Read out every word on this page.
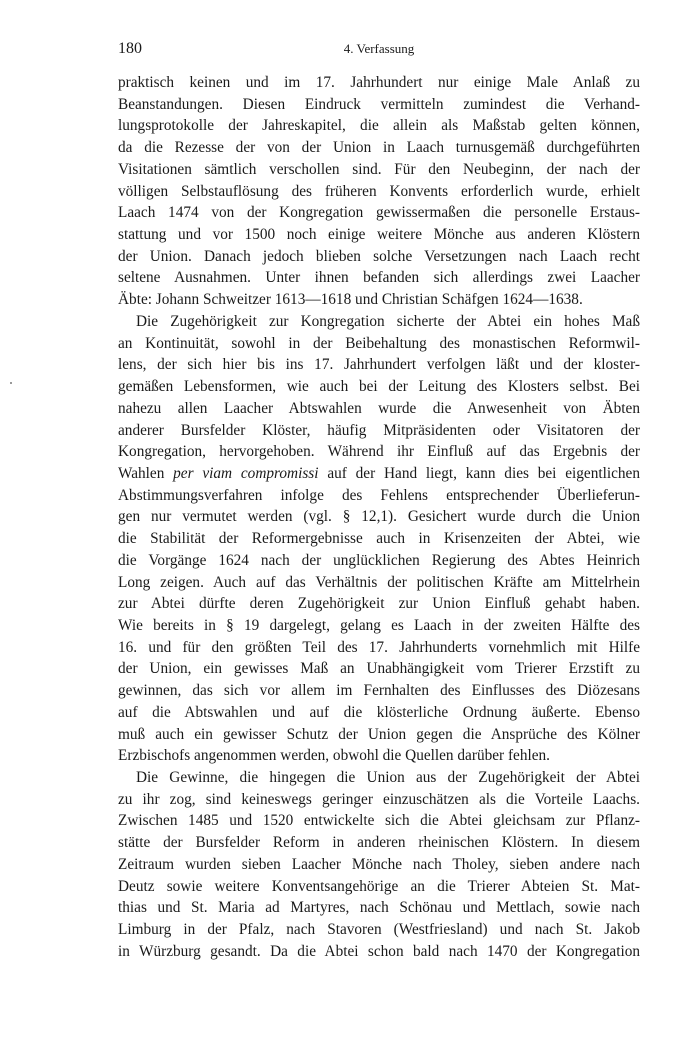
180	4. Verfassung
praktisch keinen und im 17. Jahrhundert nur einige Male Anlaß zu
Beanstandungen. Diesen Eindruck vermitteln zumindest die Verhand-
lungsprotokolle der Jahreskapitel, die allein als Maßstab gelten können,
da die Rezesse der von der Union in Laach turnusgemäß durchgeführten
Visitationen sämtlich verschollen sind. Für den Neubeginn, der nach der
völligen Selbstauflösung des früheren Konvents erforderlich wurde, erhielt
Laach 1474 von der Kongregation gewissermaßen die personelle Erstaus-
stattung und vor 1500 noch einige weitere Mönche aus anderen Klöstern
der Union. Danach jedoch blieben solche Versetzungen nach Laach recht
seltene Ausnahmen. Unter ihnen befanden sich allerdings zwei Laacher
Äbte: Johann Schweitzer 1613—1618 und Christian Schäfgen 1624—1638.
Die Zugehörigkeit zur Kongregation sicherte der Abtei ein hohes Maß
an Kontinuität, sowohl in der Beibehaltung des monastischen Reformwil-
lens, der sich hier bis ins 17. Jahrhundert verfolgen läßt und der kloster-
gemäßen Lebensformen, wie auch bei der Leitung des Klosters selbst. Bei
nahezu allen Laacher Abtswahlen wurde die Anwesenheit von Äbten
anderer Bursfelder Klöster, häufig Mitpräsidenten oder Visitatoren der
Kongregation, hervorgehoben. Während ihr Einfluß auf das Ergebnis der
Wahlen per viam compromissi auf der Hand liegt, kann dies bei eigentlichen
Abstimmungsverfahren infolge des Fehlens entsprechender Überlieferun-
gen nur vermutet werden (vgl. § 12,1). Gesichert wurde durch die Union
die Stabilität der Reformergebnisse auch in Krisenzeiten der Abtei, wie
die Vorgänge 1624 nach der unglücklichen Regierung des Abtes Heinrich
Long zeigen. Auch auf das Verhältnis der politischen Kräfte am Mittelrhein
zur Abtei dürfte deren Zugehörigkeit zur Union Einfluß gehabt haben.
Wie bereits in § 19 dargelegt, gelang es Laach in der zweiten Hälfte des
16. und für den größten Teil des 17. Jahrhunderts vornehmlich mit Hilfe
der Union, ein gewisses Maß an Unabhängigkeit vom Trierer Erzstift zu
gewinnen, das sich vor allem im Fernhalten des Einflusses des Diözesans
auf die Abtswahlen und auf die klösterliche Ordnung äußerte. Ebenso
muß auch ein gewisser Schutz der Union gegen die Ansprüche des Kölner
Erzbischofs angenommen werden, obwohl die Quellen darüber fehlen.
Die Gewinne, die hingegen die Union aus der Zugehörigkeit der Abtei
zu ihr zog, sind keineswegs geringer einzuschätzen als die Vorteile Laachs.
Zwischen 1485 und 1520 entwickelte sich die Abtei gleichsam zur Pflanz-
stätte der Bursfelder Reform in anderen rheinischen Klöstern. In diesem
Zeitraum wurden sieben Laacher Mönche nach Tholey, sieben andere nach
Deutz sowie weitere Konventsangehörige an die Trierer Abteien St. Mat-
thias und St. Maria ad Martyres, nach Schönau und Mettlach, sowie nach
Limburg in der Pfalz, nach Stavoren (Westfriesland) und nach St. Jakob
in Würzburg gesandt. Da die Abtei schon bald nach 1470 der Kongregation
